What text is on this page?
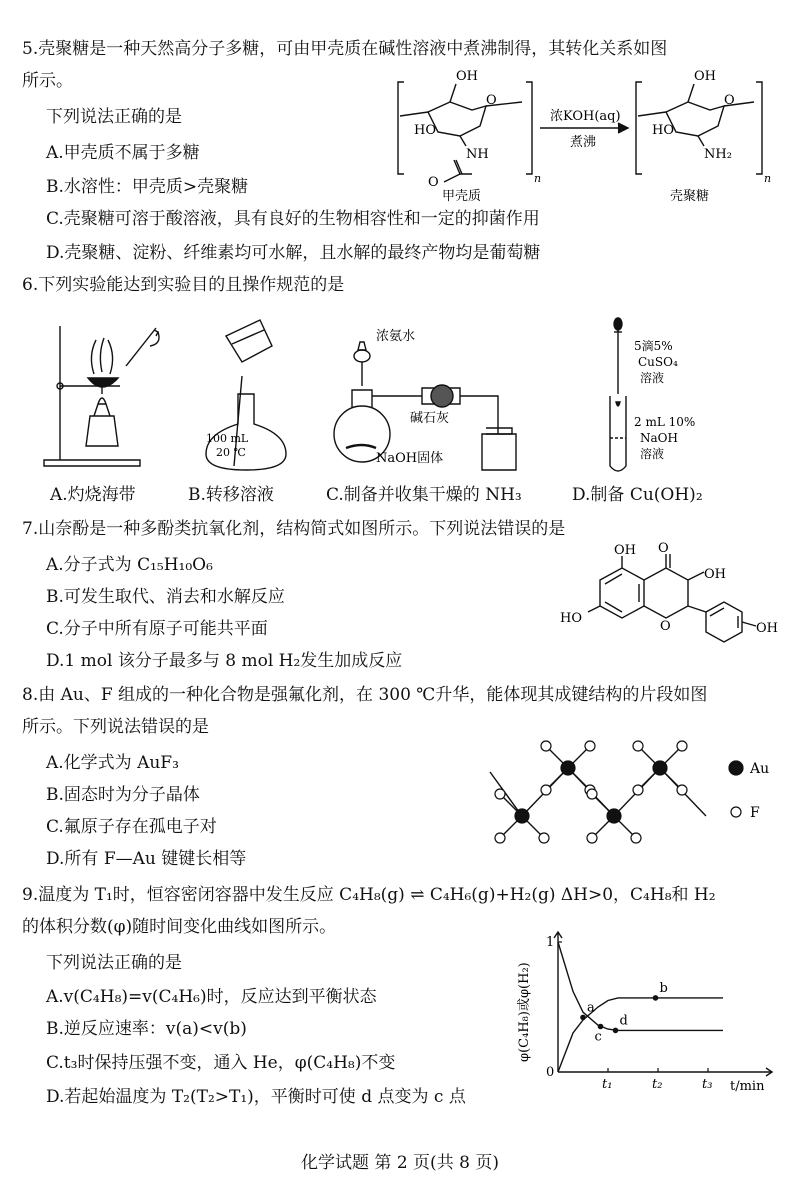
5.壳聚糖是一种天然高分子多糖，可由甲壳质在碱性溶液中煮沸制得，其转化关系如图
所示。
下列说法正确的是
A.甲壳质不属于多糖
B.水溶性：甲壳质>壳聚糖
C.壳聚糖可溶于酸溶液，具有良好的生物相容性和一定的抑菌作用
D.壳聚糖、淀粉、纤维素均可水解，且水解的最终产物均是葡萄糖
OH
HO
NH
O
O	n
浓KOH(aq)
煮沸
OH
HO
NH₂
O
n
甲壳质	壳聚糖
6.下列实验能达到实验目的且操作规范的是
100 mL
20 ℃
浓氨水
碱石灰
NaOH固体
5滴5%
CuSO₄
溶液
2 mL 10%
NaOH
溶液
A.灼烧海带	B.转移溶液	C.制备并收集干燥的 NH₃	D.制备 Cu(OH)₂
7.山奈酚是一种多酚类抗氧化剂，结构简式如图所示。下列说法错误的是
A.分子式为 C₁₅H₁₀O₆
B.可发生取代、消去和水解反应
C.分子中所有原子可能共平面
D.1 mol 该分子最多与 8 mol H₂发生加成反应
OH O
OH
HO
O	OH
8.由 Au、F 组成的一种化合物是强氟化剂，在 300 ℃升华，能体现其成键结构的片段如图
所示。下列说法错误的是
A.化学式为 AuF₃
B.固态时为分子晶体
C.氟原子存在孤电子对
D.所有 F—Au 键键长相等
Au
F
9.温度为 T₁时，恒容密闭容器中发生反应 C₄H₈(g) ⇌ C₄H₆(g)+H₂(g) ΔH>0，C₄H₈和 H₂
的体积分数(φ)随时间变化曲线如图所示。
下列说法正确的是
A.v(C₄H₈)=v(C₄H₆)时，反应达到平衡状态
B.逆反应速率：v(a)<v(b)
C.t₃时保持压强不变，通入 He，φ(C₄H₈)不变
D.若起始温度为 T₂(T₂>T₁)，平衡时可使 d 点变为 c 点
t₁	t₂	t₃
a
b
c
d
φ(C₄H₈)或φ(H₂)
t/min
0
1
化学试题 第 2 页(共 8 页)
